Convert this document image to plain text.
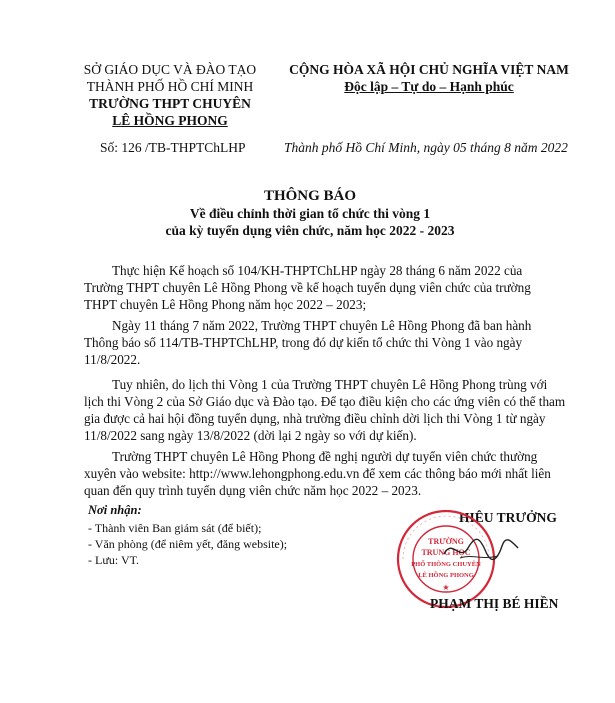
SỞ GIÁO DỤC VÀ ĐÀO TẠO
THÀNH PHỐ HỒ CHÍ MINH
TRƯỜNG THPT CHUYÊN
LÊ HỒNG PHONG
CỘNG HÒA XÃ HỘI CHỦ NGHĨA VIỆT NAM
Độc lập – Tự do – Hạnh phúc
Số: 126 /TB-THPTChLHP	Thành phố Hồ Chí Minh, ngày 05 tháng 8 năm 2022
THÔNG BÁO
Về điều chỉnh thời gian tổ chức thi vòng 1
của kỳ tuyển dụng viên chức, năm học 2022 - 2023
Thực hiện Kế hoạch số 104/KH-THPTChLHP ngày 28 tháng 6 năm 2022 của
Trường THPT chuyên Lê Hồng Phong về kế hoạch tuyển dụng viên chức của trường
THPT chuyên Lê Hồng Phong năm học 2022 – 2023;
Ngày 11 tháng 7 năm 2022, Trường THPT chuyên Lê Hồng Phong đã ban hành
Thông báo số 114/TB-THPTChLHP, trong đó dự kiến tổ chức thi Vòng 1 vào ngày
11/8/2022.
Tuy nhiên, do lịch thi Vòng 1 của Trường THPT chuyên Lê Hồng Phong trùng với
lịch thi Vòng 2 của Sở Giáo dục và Đào tạo. Để tạo điều kiện cho các ứng viên có thể tham
gia được cả hai hội đồng tuyển dụng, nhà trường điều chỉnh dời lịch thi Vòng 1 từ ngày
11/8/2022 sang ngày 13/8/2022 (dời lại 2 ngày so với dự kiến).
Trường THPT chuyên Lê Hồng Phong đề nghị người dự tuyển viên chức thường
xuyên vào website: http://www.lehongphong.edu.vn để xem các thông báo mới nhất liên
quan đến quy trình tuyển dụng viên chức năm học 2022 – 2023.
Nơi nhận:
- Thành viên Ban giám sát (để biết);
- Văn phòng (để niêm yết, đăng website);
- Lưu: VT.
HIỆU TRƯỞNG
TRƯỜNG
TRUNG HỌC
PHỔ THÔNG CHUYÊN
LÊ HỒNG PHONG
★
PHẠM THỊ BÉ HIỀN
